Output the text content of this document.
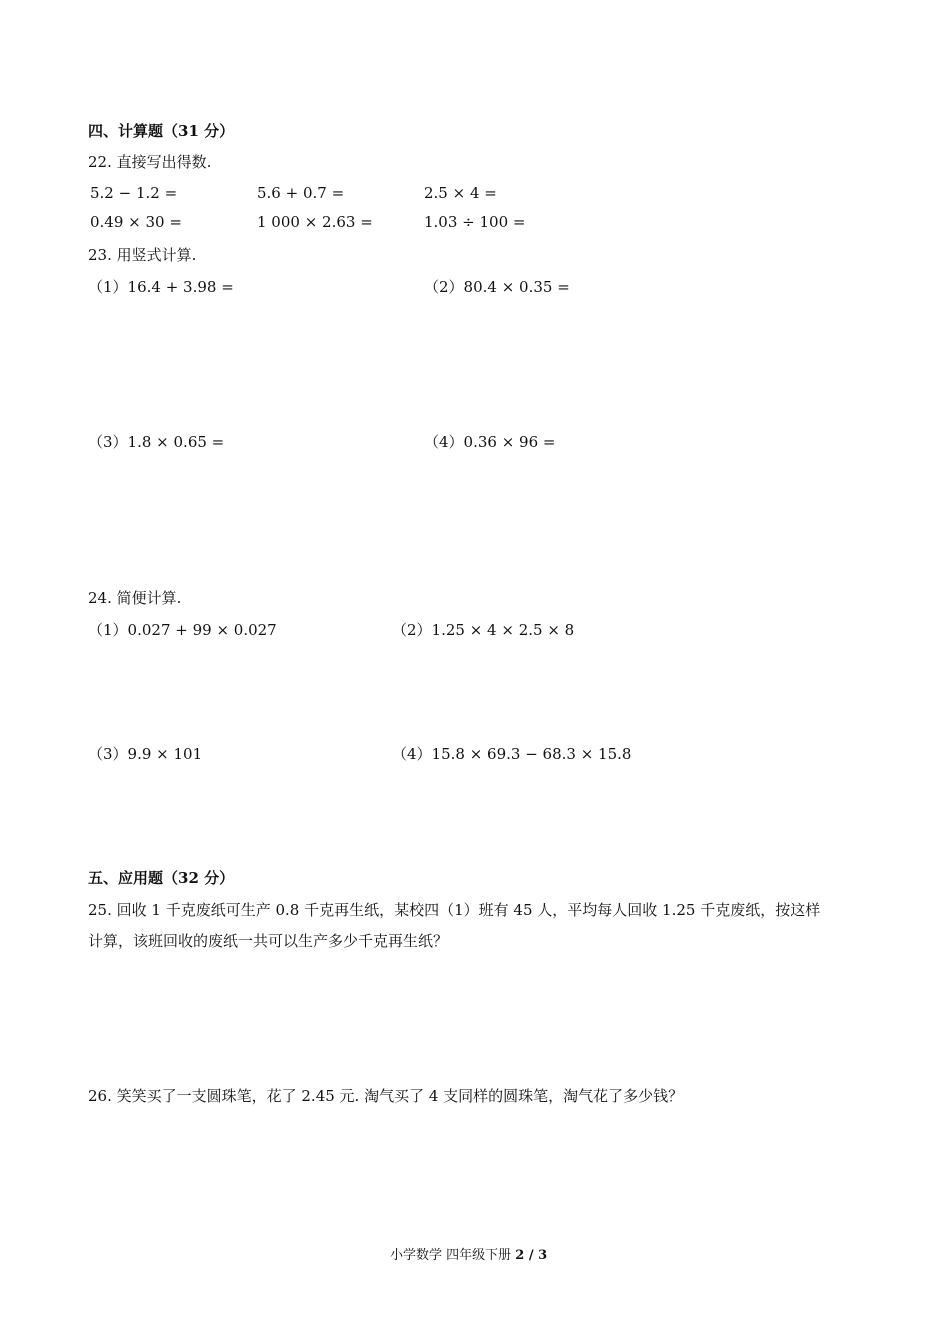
四、计算题（31 分）
22. 直接写出得数.
5.2 − 1.2 =	5.6 + 0.7 =	2.5 × 4 =
0.49 × 30 =	1 000 × 2.63 =	1.03 ÷ 100 =
23. 用竖式计算.
（1）16.4 + 3.98 =	（2）80.4 × 0.35 =
（3）1.8 × 0.65 =	（4）0.36 × 96 =
24. 简便计算.
（1）0.027 + 99 × 0.027	（2）1.25 × 4 × 2.5 × 8
（3）9.9 × 101	（4）15.8 × 69.3 − 68.3 × 15.8
五、应用题（32 分）
25. 回收 1 千克废纸可生产 0.8 千克再生纸，某校四（1）班有 45 人，平均每人回收 1.25 千克废纸，按这样
计算，该班回收的废纸一共可以生产多少千克再生纸？
26. 笑笑买了一支圆珠笔，花了 2.45 元. 淘气买了 4 支同样的圆珠笔，淘气花了多少钱？
小学数学 四年级下册 2 / 3
